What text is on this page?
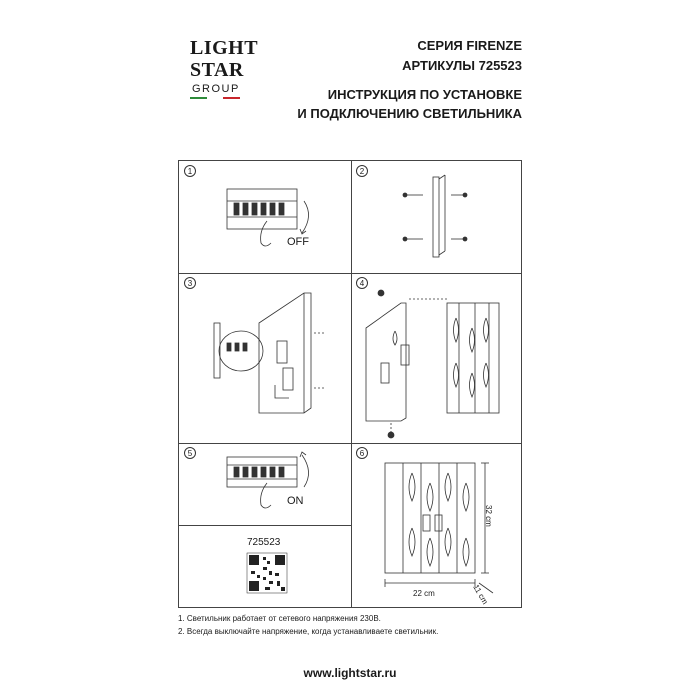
LIGHT
STAR
GROUP
СЕРИЯ FIRENZE
АРТИКУЛЫ 725523
ИНСТРУКЦИЯ ПО УСТАНОВКЕ
И ПОДКЛЮЧЕНИЮ СВЕТИЛЬНИКА
1
OFF
2
3	4
5
ON
725523
6
22 cm	11 cm
32 cm
1. Светильник работает от сетевого напряжения 230В.
2. Всегда выключайте напряжение, когда устанавливаете светильник.
www.lightstar.ru
